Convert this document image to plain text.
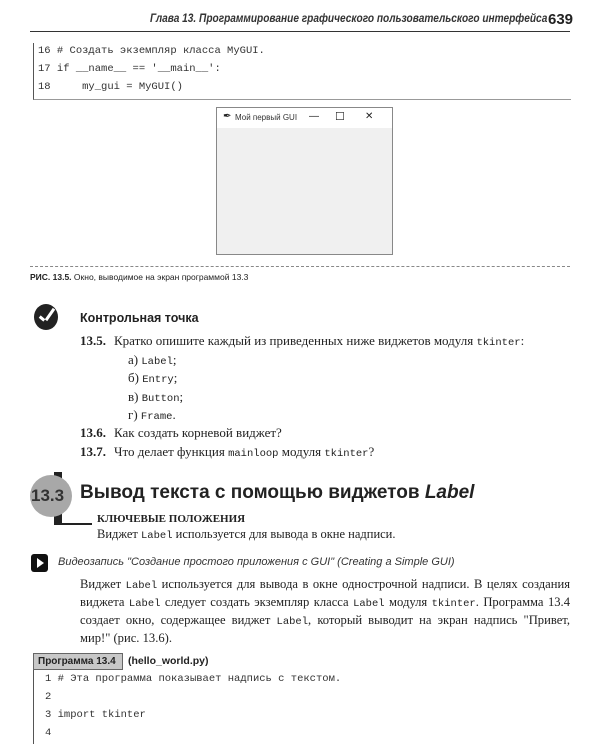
Глава 13. Программирование графического пользовательского интерфейса 639
16 # Создать экземпляр класса MyGUI.
17 if __name__ == '__main__':
18     my_gui = MyGUI()
✒ Мой первый GUI — ☐ ✕
РИС. 13.5. Окно, выводимое на экран программой 13.3
Контрольная точка
13.5. Кратко опишите каждый из приведенных ниже виджетов модуля tkinter:
а) Label;
б) Entry;
в) Button;
г) Frame.
13.6. Как создать корневой виджет?
13.7. Что делает функция mainloop модуля tkinter?
13.3 Вывод текста с помощью виджетов Label
КЛЮЧЕВЫЕ ПОЛОЖЕНИЯ
Виджет Label используется для вывода в окне надписи.
Видеозапись "Создание простого приложения с GUI" (Creating a Simple GUI)
Виджет Label используется для вывода в окне однострочной надписи. В целях создания виджета Label следует создать экземпляр класса Label модуля tkinter. Программа 13.4 создает окно, содержащее виджет Label, который выводит на экран надпись "Привет, мир!" (рис. 13.6).
Программа 13.4	(hello_world.py)
1 # Эта программа показывает надпись с текстом.
2
3 import tkinter
4
